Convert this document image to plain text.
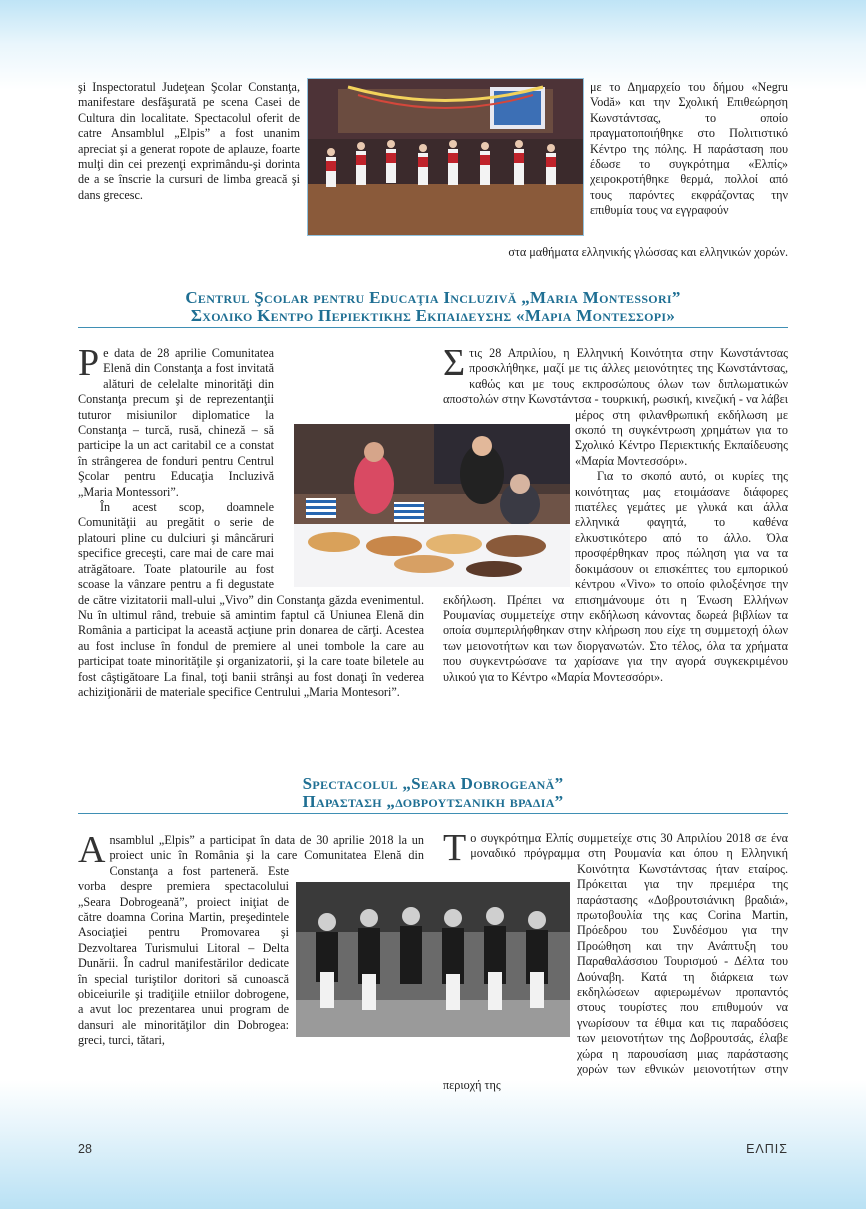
şi Inspectoratul Judeţean Şcolar Constanţa, manifestare desfăşurată pe scena Casei de Cultura din localitate. Spectacolul oferit de catre Ansamblul „Elpis” a fost unanim apreciat şi a generat ropote de aplauze, foarte mulţi din cei prezenţi exprimându-şi dorinta de a se înscrie la cursuri de limba greacă şi dans grecesc.
με το Δημαρχείο του δήμου «Negru Vodă» και την Σχολική Επιθεώρηση Κωνστάντσας, το οποίο πραγματοποιήθηκε στο Πολιτιστικό Κέντρο της πόλης. Η παράσταση που έδωσε το συγκρότημα «Ελπίς» χειροκροτήθηκε θερμά, πολλοί από τους παρόντες εκφράζοντας την επιθυμία τους να εγγραφούν
στα μαθήματα ελληνικής γλώσσας και ελληνικών χορών.
Centrul Şcolar pentru Educaţia Incluzivă „Maria Montessori”
Σχολικο Κεντρο Περιεκτικης Εκπαιδευσης «Μαρια Μοντεσσορι»
P e data de 28 aprilie Comunitatea Elenă din Constanţa a fost invitată alături de celelalte minorităţi din Constanţa precum şi de reprezentanţii tuturor misiunilor diplomatice la Constanţa – turcă, rusă, chineză – să participe la un act caritabil ce a constat în strângerea de fonduri pentru Centrul Şcolar pentru Educaţia Incluzivă „Maria Montessori”.

În acest scop, doamnele Comunităţii au pregătit o serie de platouri pline cu dulciuri şi mâncăruri specifice greceşti, care mai de care mai atrăgătoare. Toate platourile au fost scoase la vânzare pentru a fi degustate de către vizitatorii mall-ului „Vivo” din Constanţa găzda evenimentul. Nu în ultimul rând, trebuie să amintim faptul că Uniunea Elenă din România a participat la această acţiune prin donarea de cărţi. Acestea au fost incluse în fondul de premiere al unei tombole la care au participat toate minorităţile şi organizatorii, şi la care toate biletele au fost câştigătoare La final, toţi banii strânşi au fost donaţi în vederea achiziţionării de materiale specifice Centrului „Maria Montesori”.

Σ τις 28 Απριλίου, η Ελληνική Κοινότητα στην Κωνστάντσας προσκλήθηκε, μαζί με τις άλλες μειονότητες της Κωνστάντσας, καθώς και με τους εκπροσώπους όλων των διπλωματικών αποστολών στην Κωνστάντσα - τουρκική, ρωσική, κινεζική - να λάβει μέρος στη φιλανθρωπική εκδήλωση με σκοπό τη συγκέντρωση χρημάτων για το Σχολικό Κέντρο Περιεκτικής Εκπαίδευσης «Μαρία Μοντεσσόρι».

Για το σκοπό αυτό, οι κυρίες της κοινότητας μας ετοιμάσανε διάφορες πιατέλες γεμάτες με γλυκά και άλλα ελληνικά φαγητά, το καθένα ελκυστικότερο από το άλλο. Όλα προσφέρθηκαν προς πώληση για να τα δοκιμάσουν οι επισκέπτες του εμπορικού κέντρου «Vivo» το οποίο φιλοξένησε την εκδήλωση. Πρέπει να επισημάνουμε ότι η Ένωση Ελλήνων Ρουμανίας συμμετείχε στην εκδήλωση κάνοντας δωρεά βιβλίων τα οποία συμπεριλήφθηκαν στην κλήρωση που είχε τη συμμετοχή όλων των μειονοτήτων και των διοργανωτών. Στο τέλος, όλα τα χρήματα που συγκεντρώσανε τα χαρίσανε για την αγορά συγκεκριμένου υλικού για το Κέντρο «Μαρία Μοντεσσόρι».

Spectacolul „Seara Dobrogeană”
Παρασταση „δοβρουτσανικη βραδια”
A nsamblul „Elpis” a participat în data de 30 aprilie 2018 la un proiect unic în România şi la care Comunitatea Elenă din Constanţa a fost parteneră. Este vorba despre premiera spectacolului „Seara Dobrogeană”, proiect iniţiat de către doamna Corina Martin, preşedintele Asociaţiei pentru Promovarea şi Dezvoltarea Turismului Litoral – Delta Dunării. În cadrul manifestărilor dedicate în special turiştilor doritori să cunoască obiceiurile şi tradiţiile etniilor dobrogene, a avut loc prezentarea unui program de dansuri ale minorităţilor din Dobrogea: greci, turci, tătari,
Τ ο συγκρότημα Ελπίς συμμετείχε στις 30 Απριλίου 2018 σε ένα μοναδικό πρόγραμμα στη Ρουμανία και όπου η Ελληνική Κοινότητα Κωνστάντσας ήταν εταίρος. Πρόκειται για την πρεμιέρα της παράστασης «Δοβρουτσιάνικη βραδιά», πρωτοβουλία της κας Corina Martin, Πρόεδρου του Συνδέσμου για την Προώθηση και την Ανάπτυξη του Παραθαλάσσιου Τουρισμού - Δέλτα του Δούναβη. Κατά τη διάρκεια των εκδηλώσεων αφιερωμένων προπαντός στους τουρίστες που επιθυμούν να γνωρίσουν τα έθιμα και τις παραδόσεις των μειονοτήτων της Δοβρουτσάς, έλαβε χώρα η παρουσίαση μιας παράστασης χορών των εθνικών μειονοτήτων στην περιοχή της
28	ΕΛΠΙΣ
